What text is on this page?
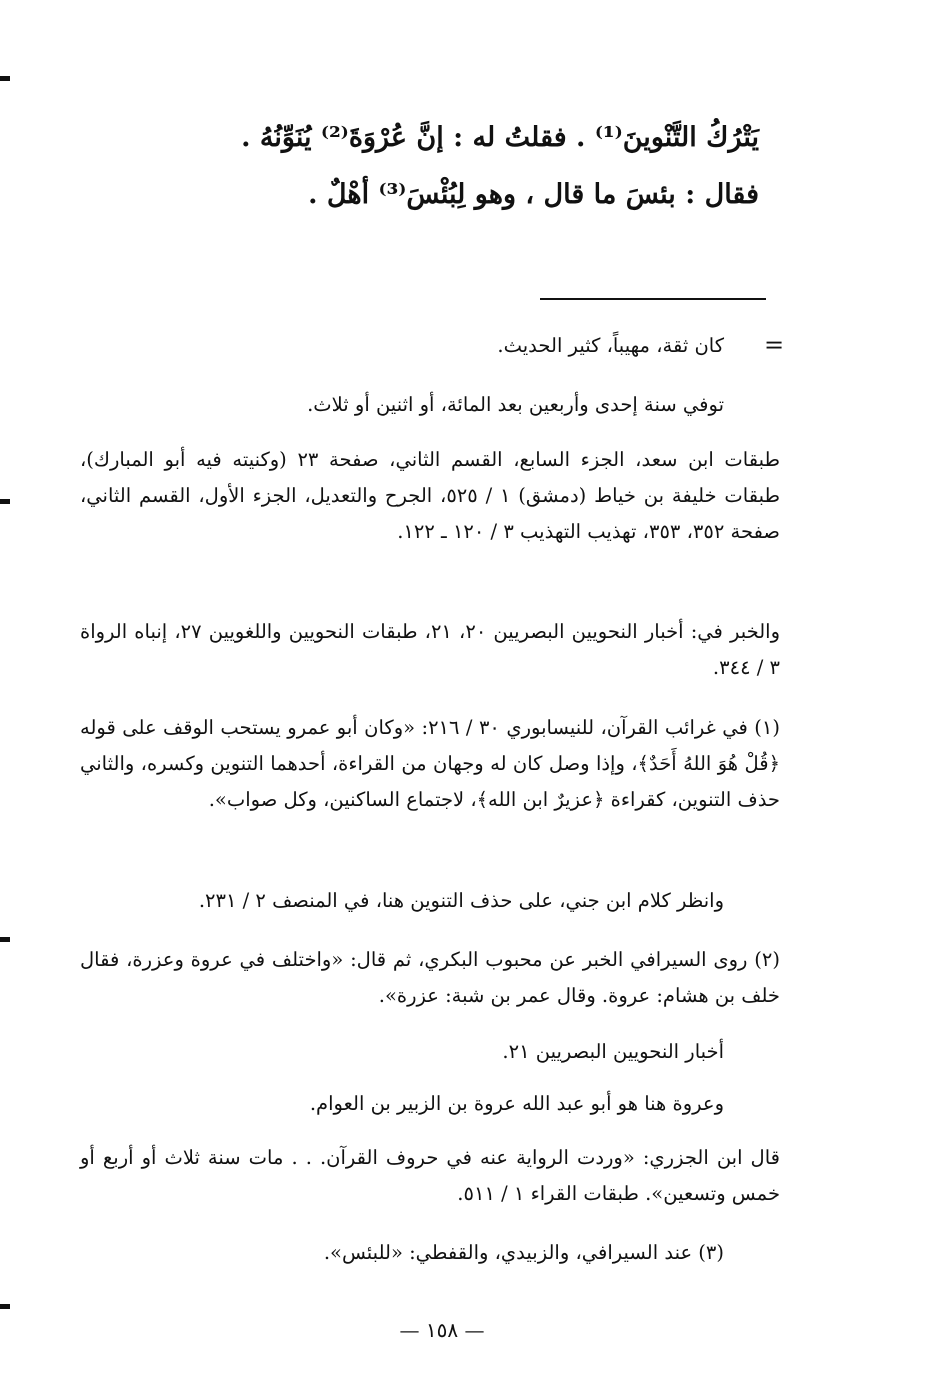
يَتْرُكُ التَّنْوينَ⁽¹⁾ . فقلتُ له : إنَّ عُرْوَةَ⁽²⁾ يُنَوِّنُهُ .
فقال : بئسَ ما قال ، وهو لِبُئْسَ⁽³⁾ أهْلٌ .
=
كان ثقة، مهيباً، كثير الحديث.
توفي سنة إحدى وأربعين بعد المائة، أو اثنين أو ثلاث.
طبقات ابن سعد، الجزء السابع، القسم الثاني، صفحة ٢٣ (وكنيته فيه أبو المبارك)، طبقات خليفة بن خياط (دمشق) ١ / ٥٢٥، الجرح والتعديل، الجزء الأول، القسم الثاني، صفحة ٣٥٢، ٣٥٣، تهذيب التهذيب ٣ / ١٢٠ ـ ١٢٢.
والخبر في: أخبار النحويين البصريين ٢٠، ٢١، طبقات النحويين واللغويين ٢٧، إنباه الرواة ٣ / ٣٤٤.
(١) في غرائب القرآن، للنيسابوري ٣٠ / ٢١٦: «وكان أبو عمرو يستحب الوقف على قوله ﴿قُلْ هُوَ اللهُ أَحَدٌ﴾، وإذا وصل كان له وجهان من القراءة، أحدهما التنوين وكسره، والثاني حذف التنوين، كقراءة ﴿عزيرٌ ابن الله﴾، لاجتماع الساكنين، وكل صواب».
وانظر كلام ابن جني، على حذف التنوين هنا، في المنصف ٢ / ٢٣١.
(٢) روى السيرافي الخبر عن محبوب البكري، ثم قال: «واختلف في عروة وعزرة، فقال خلف بن هشام: عروة. وقال عمر بن شبة: عزرة».
أخبار النحويين البصريين ٢١.
وعروة هنا هو أبو عبد الله عروة بن الزبير بن العوام.
قال ابن الجزري: «وردت الرواية عنه في حروف القرآن. . . مات سنة ثلاث أو أربع أو خمس وتسعين». طبقات القراء ١ / ٥١١.
(٣) عند السيرافي، والزبيدي، والقفطي: «للبئس».
— ١٥٨ —
